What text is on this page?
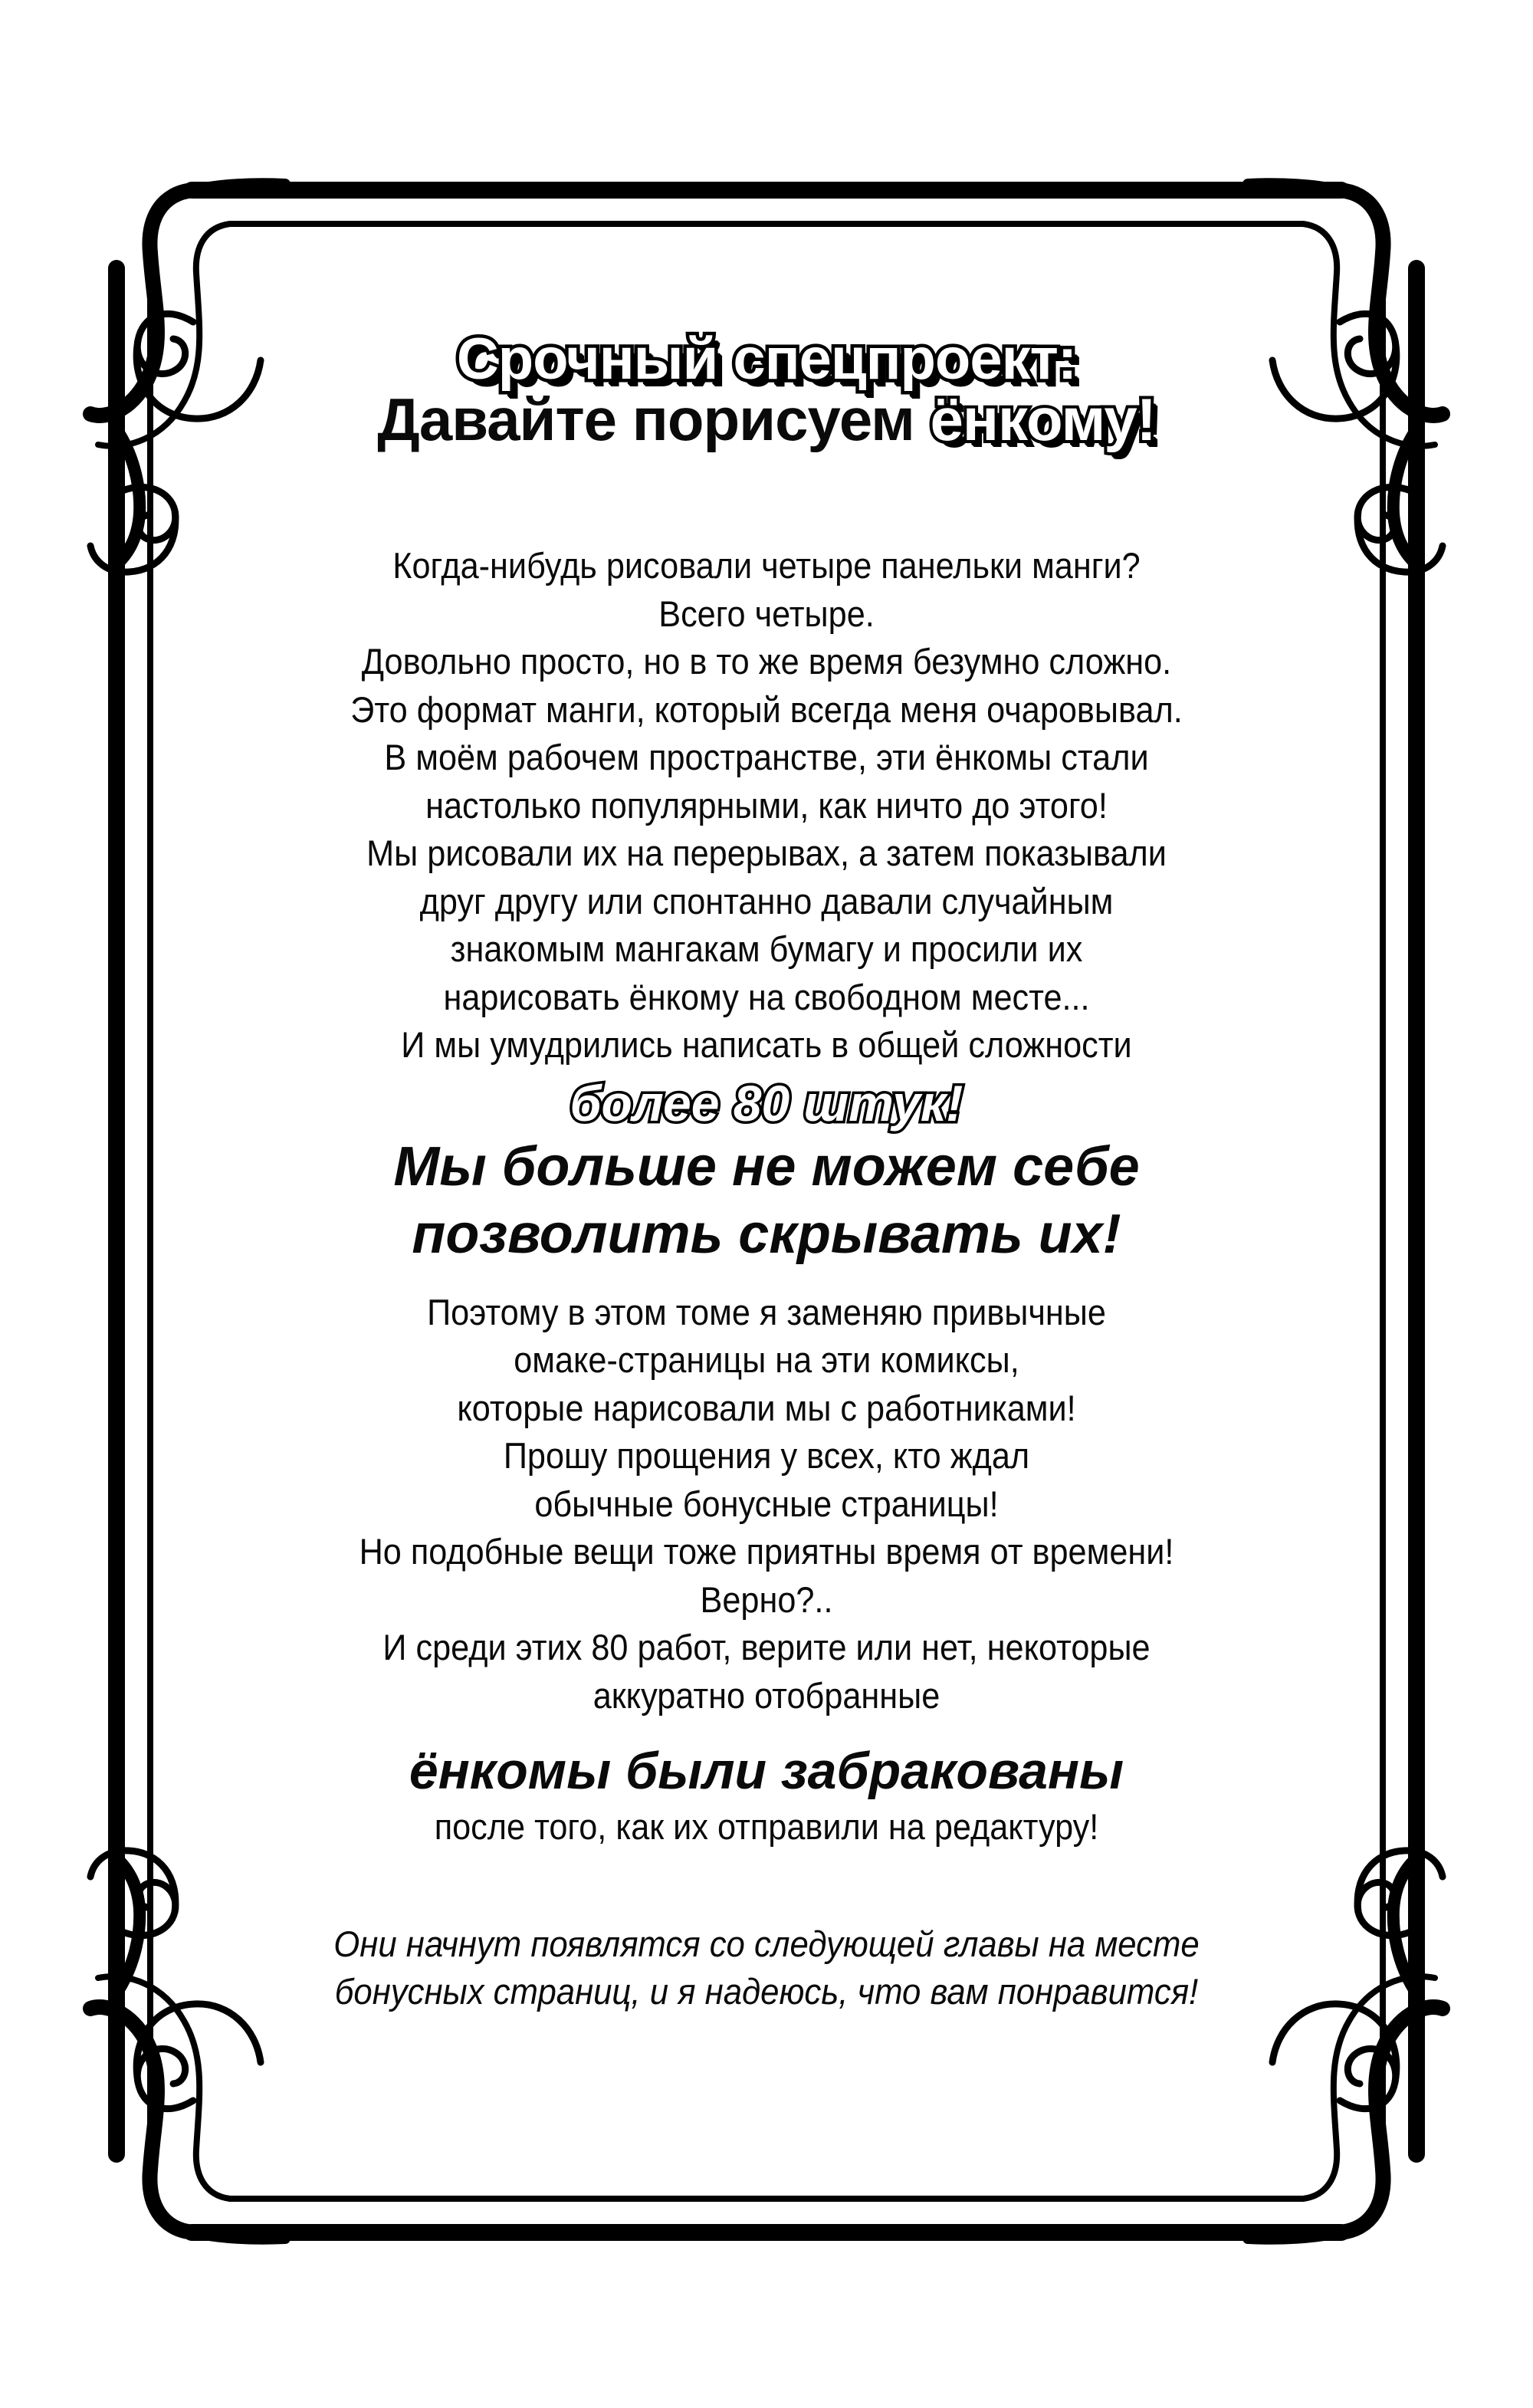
Срочный спецпроект:
Давайте порисуем ёнкому!
Когда-нибудь рисовали четыре панельки манги?
Всего четыре.
Довольно просто, но в то же время безумно сложно.
Это формат манги, который всегда меня очаровывал.
В моём рабочем пространстве, эти ёнкомы стали
настолько популярными, как ничто до этого!
Мы рисовали их на перерывах, а затем показывали
друг другу или спонтанно давали случайным
знакомым мангакам бумагу и просили их
нарисовать ёнкому на свободном месте...
И мы умудрились написать в общей сложности
более 80 штук!
Мы больше не можем себе
позволить скрывать их!
Поэтому в этом томе я заменяю привычные
омаке-страницы на эти комиксы,
которые нарисовали мы с работниками!
Прошу прощения у всех, кто ждал
обычные бонусные страницы!
Но подобные вещи тоже приятны время от времени!
Верно?..
И среди этих 80 работ, верите или нет, некоторые
аккуратно отобранные
ёнкомы были забракованы
после того, как их отправили на редактуру!
Они начнут появлятся со следующей главы на месте
бонусных страниц, и я надеюсь, что вам понравится!
